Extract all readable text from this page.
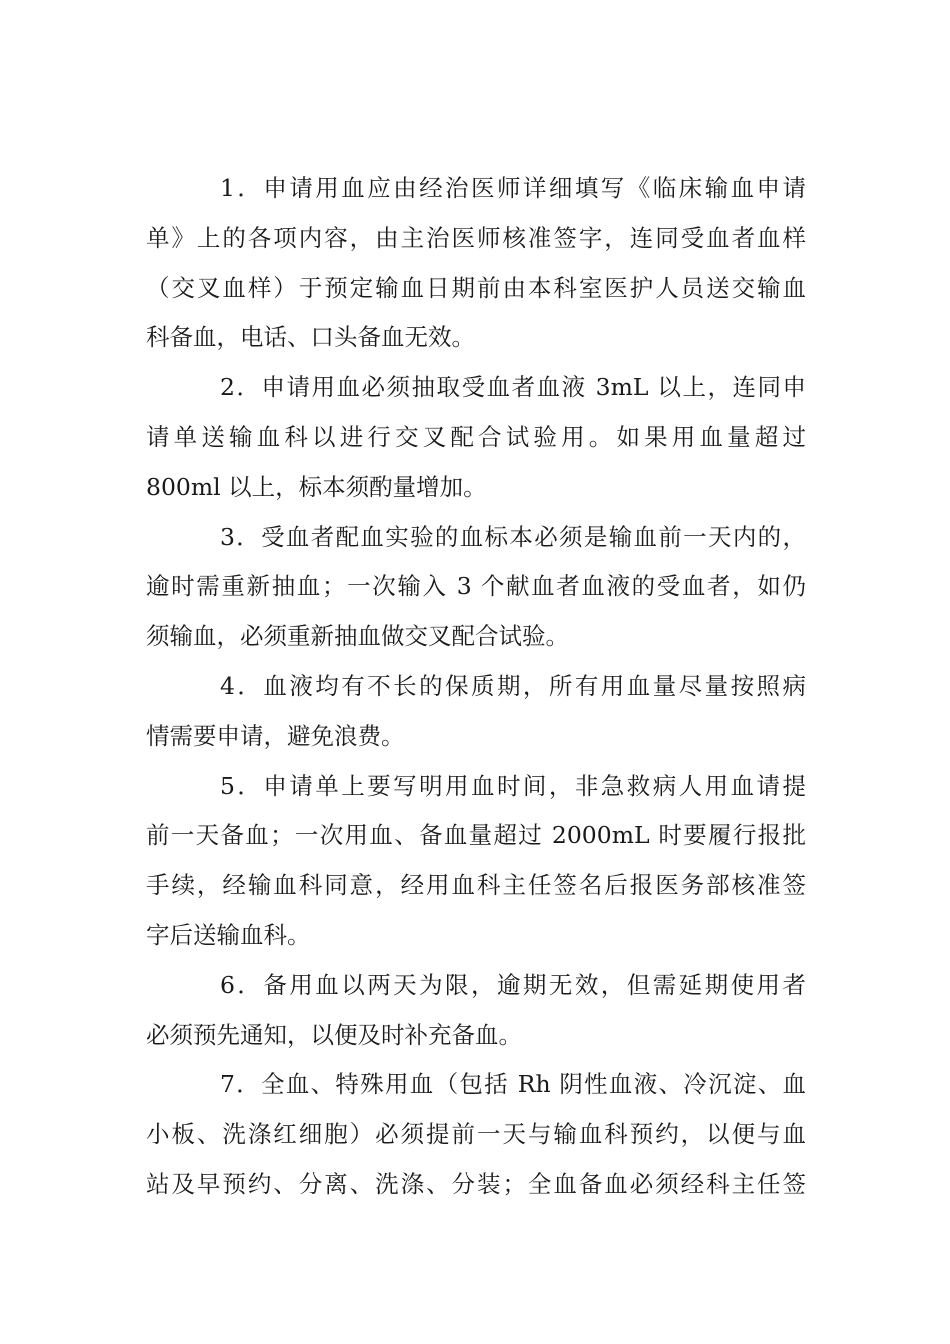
1．申请用血应由经治医师详细填写《临床输血申请
单》上的各项内容，由主治医师核准签字，连同受血者血样
（交叉血样）于预定输血日期前由本科室医护人员送交输血
科备血，电话、口头备血无效。

2．申请用血必须抽取受血者血液 3mL 以上，连同申
请单送输血科以进行交叉配合试验用。如果用血量超过
800ml 以上，标本须酌量增加。

3．受血者配血实验的血标本必须是输血前一天内的，
逾时需重新抽血；一次输入 3 个献血者血液的受血者，如仍
须输血，必须重新抽血做交叉配合试验。

4．血液均有不长的保质期，所有用血量尽量按照病
情需要申请，避免浪费。

5．申请单上要写明用血时间，非急救病人用血请提
前一天备血；一次用血、备血量超过 2000mL 时要履行报批
手续，经输血科同意，经用血科主任签名后报医务部核准签
字后送输血科。

6．备用血以两天为限，逾期无效，但需延期使用者
必须预先通知，以便及时补充备血。

7．全血、特殊用血（包括 Rh 阴性血液、冷沉淀、血
小板、洗涤红细胞）必须提前一天与输血科预约，以便与血
站及早预约、分离、洗涤、分装；全血备血必须经科主任签
